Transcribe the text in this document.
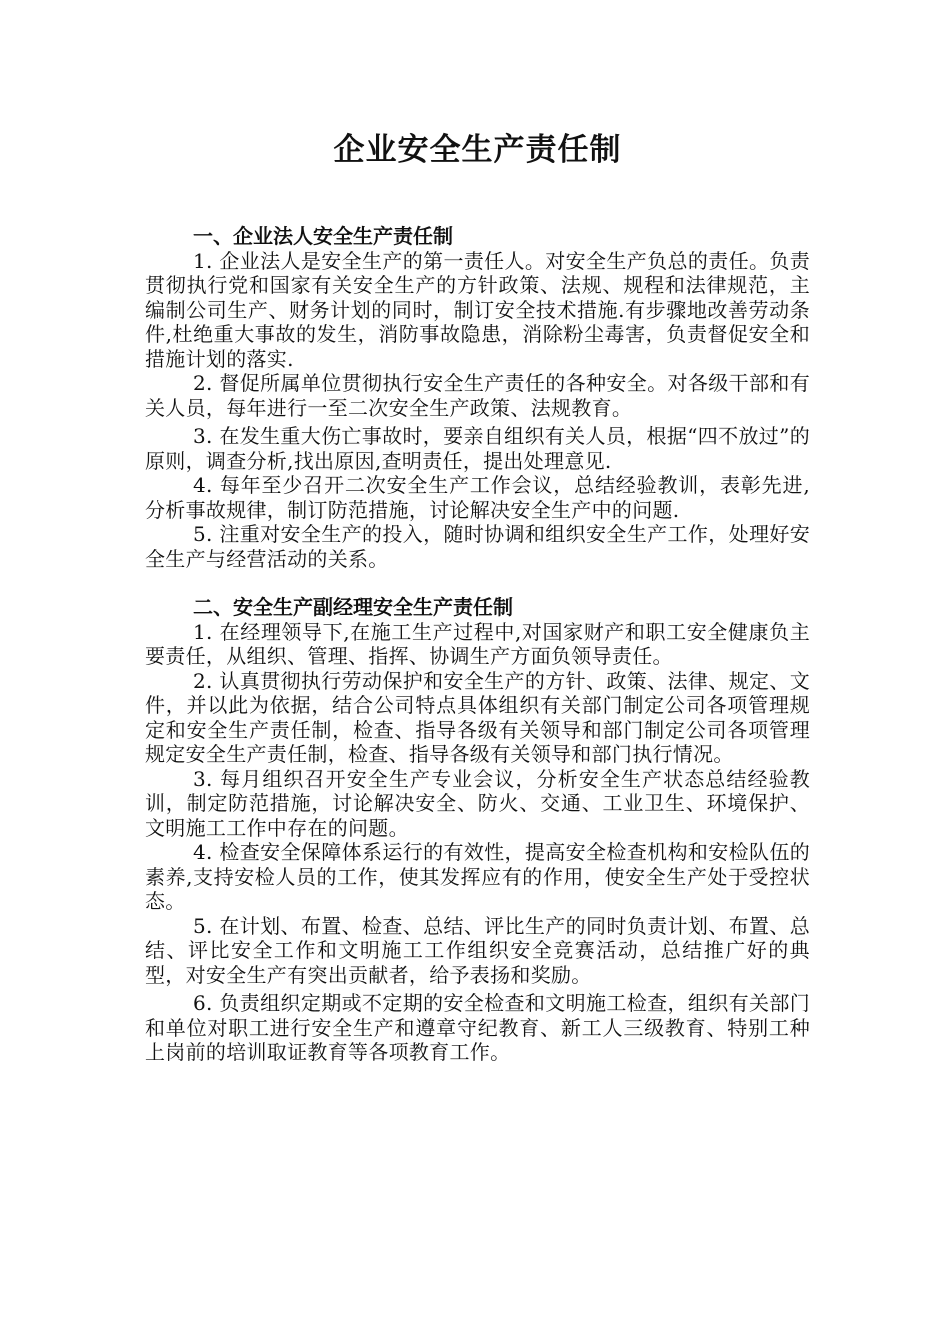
企业安全生产责任制
一、企业法人安全生产责任制

1. 企业法人是安全生产的第一责任人。对安全生产负总的责任。负责贯彻执行党和国家有关安全生产的方针政策、法规、规程和法律规范，主编制公司生产、财务计划的同时，制订安全技术措施.有步骤地改善劳动条件,杜绝重大事故的发生，消防事故隐患，消除粉尘毒害，负责督促安全和措施计划的落实.

2. 督促所属单位贯彻执行安全生产责任的各种安全。对各级干部和有关人员，每年进行一至二次安全生产政策、法规教育。

3. 在发生重大伤亡事故时，要亲自组织有关人员，根据“四不放过”的原则，调查分析,找出原因,查明责任，提出处理意见.

4. 每年至少召开二次安全生产工作会议，总结经验教训，表彰先进,分析事故规律，制订防范措施，讨论解决安全生产中的问题.

5. 注重对安全生产的投入，随时协调和组织安全生产工作，处理好安全生产与经营活动的关系。

二、安全生产副经理安全生产责任制

1. 在经理领导下,在施工生产过程中,对国家财产和职工安全健康负主要责任，从组织、管理、指挥、协调生产方面负领导责任。

2. 认真贯彻执行劳动保护和安全生产的方针、政策、法律、规定、文件，并以此为依据，结合公司特点具体组织有关部门制定公司各项管理规定和安全生产责任制，检查、指导各级有关领导和部门制定公司各项管理规定安全生产责任制，检查、指导各级有关领导和部门执行情况。

3. 每月组织召开安全生产专业会议，分析安全生产状态总结经验教训，制定防范措施，讨论解决安全、防火、交通、工业卫生、环境保护、文明施工工作中存在的问题。

4. 检查安全保障体系运行的有效性，提高安全检查机构和安检队伍的素养,支持安检人员的工作，使其发挥应有的作用，使安全生产处于受控状态。

5. 在计划、布置、检查、总结、评比生产的同时负责计划、布置、总结、评比安全工作和文明施工工作组织安全竞赛活动，总结推广好的典型，对安全生产有突出贡献者，给予表扬和奖励。

6. 负责组织定期或不定期的安全检查和文明施工检查，组织有关部门和单位对职工进行安全生产和遵章守纪教育、新工人三级教育、特别工种上岗前的培训取证教育等各项教育工作。
